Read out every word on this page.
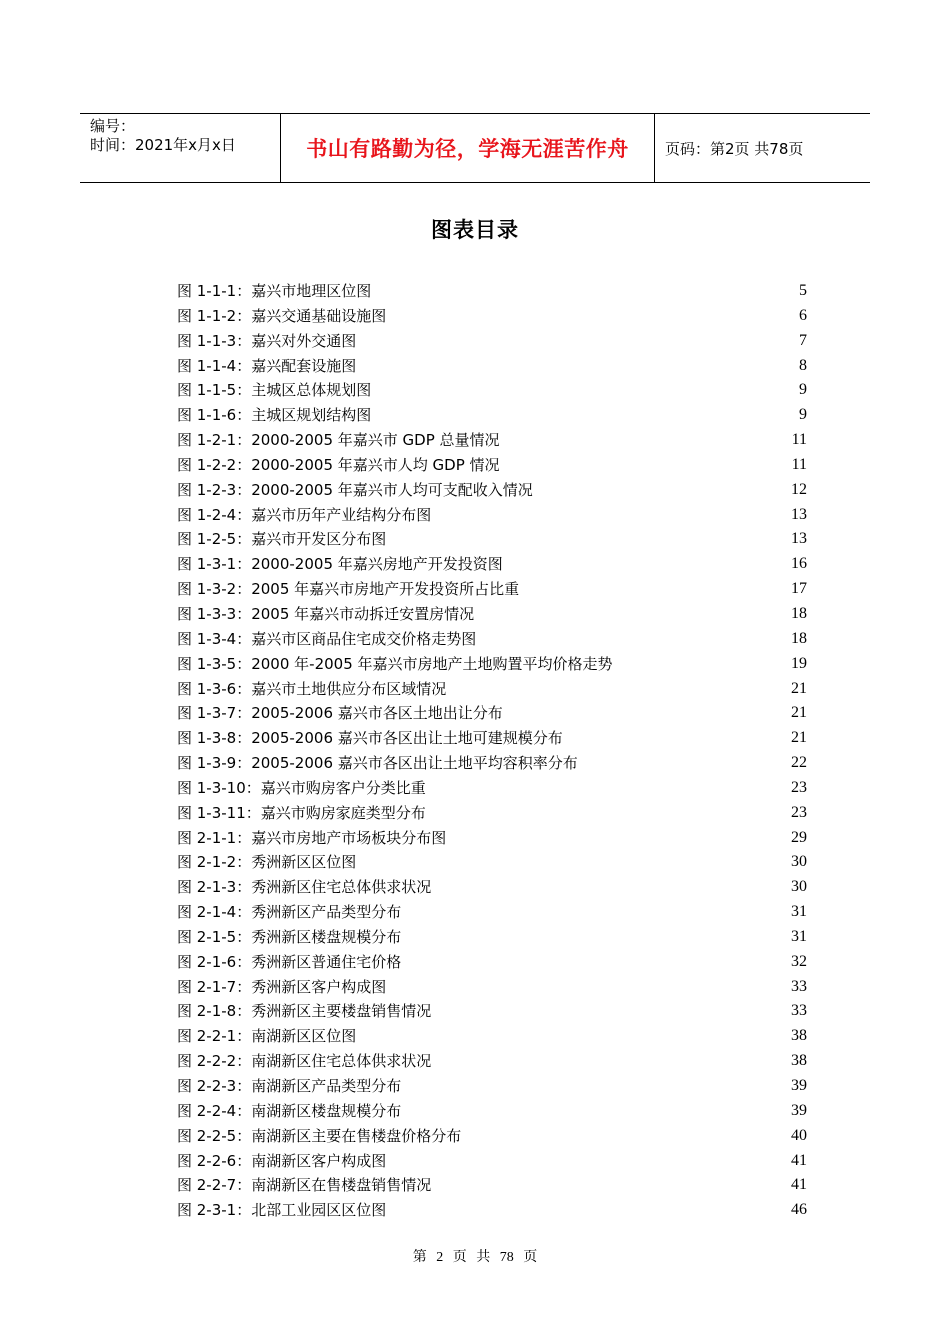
编号：
时间：2021年x月x日	书山有路勤为径，学海无涯苦作舟	页码：第2页 共78页
图表目录
图 1-1-1：嘉兴市地理区位图	5
图 1-1-2：嘉兴交通基础设施图	6
图 1-1-3：嘉兴对外交通图	7
图 1-1-4：嘉兴配套设施图	8
图 1-1-5：主城区总体规划图	9
图 1-1-6：主城区规划结构图	9
图 1-2-1：2000-2005 年嘉兴市 GDP 总量情况	11
图 1-2-2：2000-2005 年嘉兴市人均 GDP 情况	11
图 1-2-3：2000-2005 年嘉兴市人均可支配收入情况	12
图 1-2-4：嘉兴市历年产业结构分布图	13
图 1-2-5：嘉兴市开发区分布图	13
图 1-3-1：2000-2005 年嘉兴房地产开发投资图	16
图 1-3-2：2005 年嘉兴市房地产开发投资所占比重	17
图 1-3-3：2005 年嘉兴市动拆迁安置房情况	18
图 1-3-4：嘉兴市区商品住宅成交价格走势图	18
图 1-3-5：2000 年-2005 年嘉兴市房地产土地购置平均价格走势	19
图 1-3-6：嘉兴市土地供应分布区域情况	21
图 1-3-7：2005-2006 嘉兴市各区土地出让分布	21
图 1-3-8：2005-2006 嘉兴市各区出让土地可建规模分布	21
图 1-3-9：2005-2006 嘉兴市各区出让土地平均容积率分布	22
图 1-3-10：嘉兴市购房客户分类比重	23
图 1-3-11：嘉兴市购房家庭类型分布	23
图 2-1-1：嘉兴市房地产市场板块分布图	29
图 2-1-2：秀洲新区区位图	30
图 2-1-3：秀洲新区住宅总体供求状况	30
图 2-1-4：秀洲新区产品类型分布	31
图 2-1-5：秀洲新区楼盘规模分布	31
图 2-1-6：秀洲新区普通住宅价格	32
图 2-1-7：秀洲新区客户构成图	33
图 2-1-8：秀洲新区主要楼盘销售情况	33
图 2-2-1：南湖新区区位图	38
图 2-2-2：南湖新区住宅总体供求状况	38
图 2-2-3：南湖新区产品类型分布	39
图 2-2-4：南湖新区楼盘规模分布	39
图 2-2-5：南湖新区主要在售楼盘价格分布	40
图 2-2-6：南湖新区客户构成图	41
图 2-2-7：南湖新区在售楼盘销售情况	41
图 2-3-1：北部工业园区区位图	46
第 2 页 共 78 页
